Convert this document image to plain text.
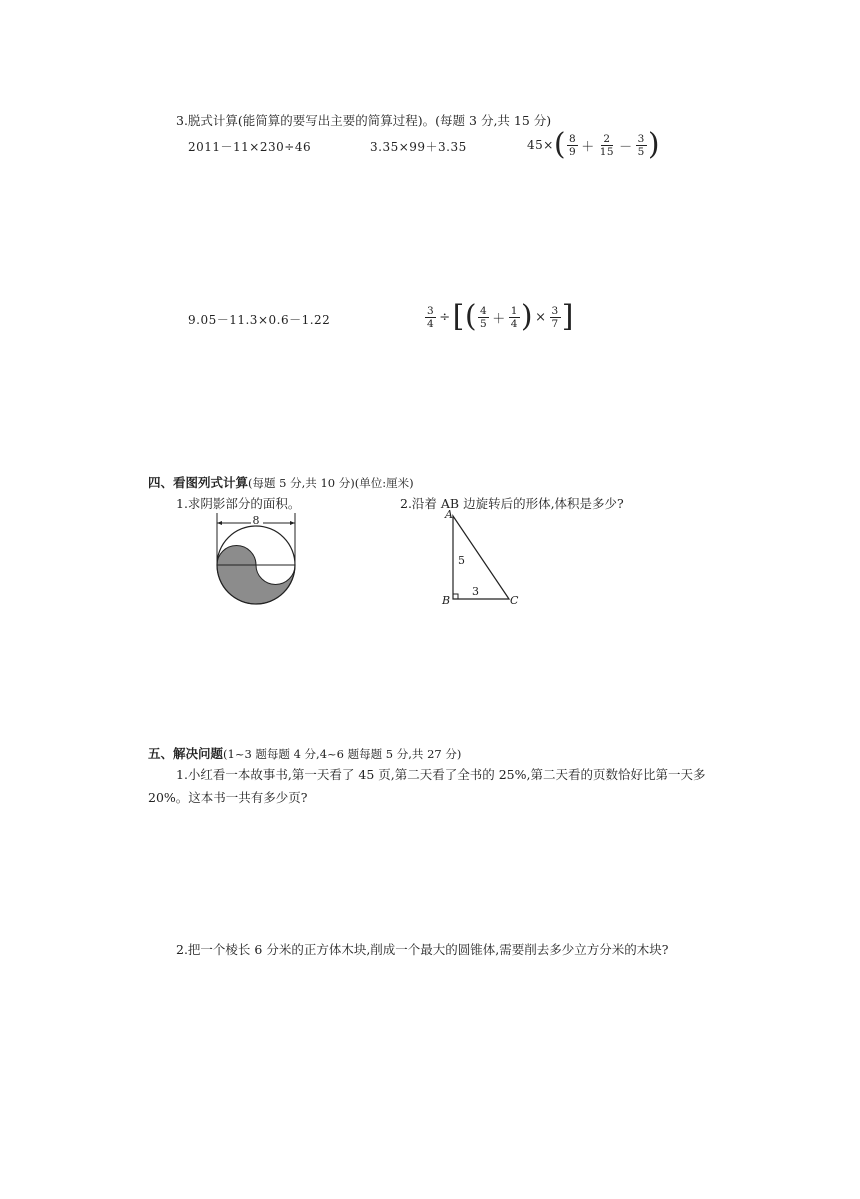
3.脱式计算(能简算的要写出主要的简算过程)。(每题 3 分,共 15 分)
2011－11×230÷46	3.35×99＋3.35	45× ( 8
9 ＋
2
15 －
3
5 )
9.05－11.3×0.6－1.22	$\frac{3}{4}$ ÷ [ ( 4
5 ＋
1
4 ) × $\frac{3}{7}$ ]
四、看图列式计算(每题 5 分,共 10 分)(单位:厘米)
1.求阴影部分的面积。	2.沿着 AB 边旋转后的形体,体积是多少?
8	A
B	C
5
3
五、解决问题(1~3 题每题 4 分,4~6 题每题 5 分,共 27 分)
1.小红看一本故事书,第一天看了 45 页,第二天看了全书的 25%,第二天看的页数恰好比第一天多 20%。这本书一共有多少页?
2.把一个棱长 6 分米的正方体木块,削成一个最大的圆锥体,需要削去多少立方分米的木块?
